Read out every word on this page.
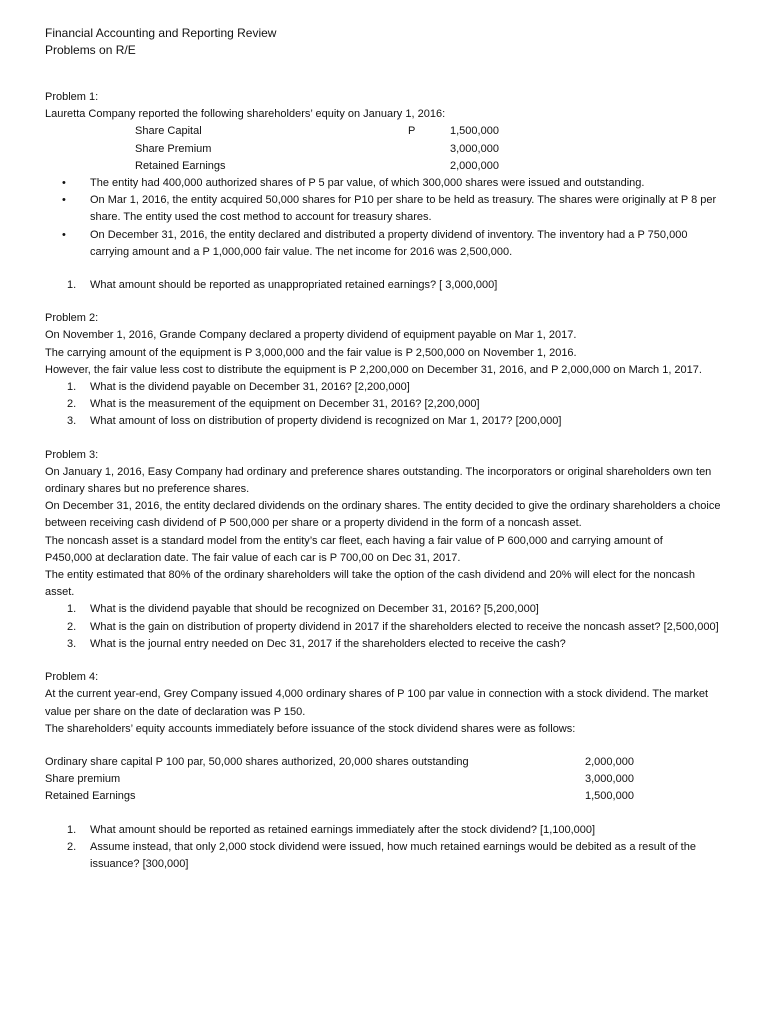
Financial Accounting and Reporting Review
Problems on R/E
Problem 1:
Lauretta Company reported the following shareholders’ equity on January 1, 2016:
Share Capital	P	1,500,000
Share Premium		3,000,000
Retained Earnings		2,000,000
• The entity had 400,000 authorized shares of P 5 par value, of which 300,000 shares were issued and outstanding.
• On Mar 1, 2016, the entity acquired 50,000 shares for P10 per share to be held as treasury. The shares were originally at P 8 per share. The entity used the cost method to account for treasury shares.
• On December 31, 2016, the entity declared and distributed a property dividend of inventory. The inventory had a P 750,000 carrying amount and a P 1,000,000 fair value. The net income for 2016 was 2,500,000.
1. What amount should be reported as unappropriated retained earnings? [ 3,000,000]
Problem 2:
On November 1, 2016, Grande Company declared a property dividend of equipment payable on Mar 1, 2017.
The carrying amount of the equipment is P 3,000,000 and the fair value is P 2,500,000 on November 1, 2016.
However, the fair value less cost to distribute the equipment is P 2,200,000 on December 31, 2016, and P 2,000,000 on March 1, 2017.
1. What is the dividend payable on December 31, 2016? [2,200,000]
2. What is the measurement of the equipment on December 31, 2016? [2,200,000]
3. What amount of loss on distribution of property dividend is recognized on Mar 1, 2017? [200,000]
Problem 3:
On January 1, 2016, Easy Company had ordinary and preference shares outstanding. The incorporators or original shareholders own ten ordinary shares but no preference shares.
On December 31, 2016, the entity declared dividends on the ordinary shares. The entity decided to give the ordinary shareholders a choice between receiving cash dividend of P 500,000 per share or a property dividend in the form of a noncash asset.
The noncash asset is a standard model from the entity’s car fleet, each having a fair value of P 600,000 and carrying amount of P450,000 at declaration date. The fair value of each car is P 700,00 on Dec 31, 2017.
The entity estimated that 80% of the ordinary shareholders will take the option of the cash dividend and 20% will elect for the noncash asset.
1. What is the dividend payable that should be recognized on December 31, 2016? [5,200,000]
2. What is the gain on distribution of property dividend in 2017 if the shareholders elected to receive the noncash asset? [2,500,000]
3. What is the journal entry needed on Dec 31, 2017 if the shareholders elected to receive the cash?
Problem 4:
At the current year-end, Grey Company issued 4,000 ordinary shares of P 100 par value in connection with a stock dividend. The market value per share on the date of declaration was P 150.
The shareholders’ equity accounts immediately before issuance of the stock dividend shares were as follows:
Ordinary share capital P 100 par, 50,000 shares authorized, 20,000 shares outstanding	2,000,000
Share premium	3,000,000
Retained Earnings	1,500,000
1. What amount should be reported as retained earnings immediately after the stock dividend? [1,100,000]
2. Assume instead, that only 2,000 stock dividend were issued, how much retained earnings would be debited as a result of the issuance? [300,000]
